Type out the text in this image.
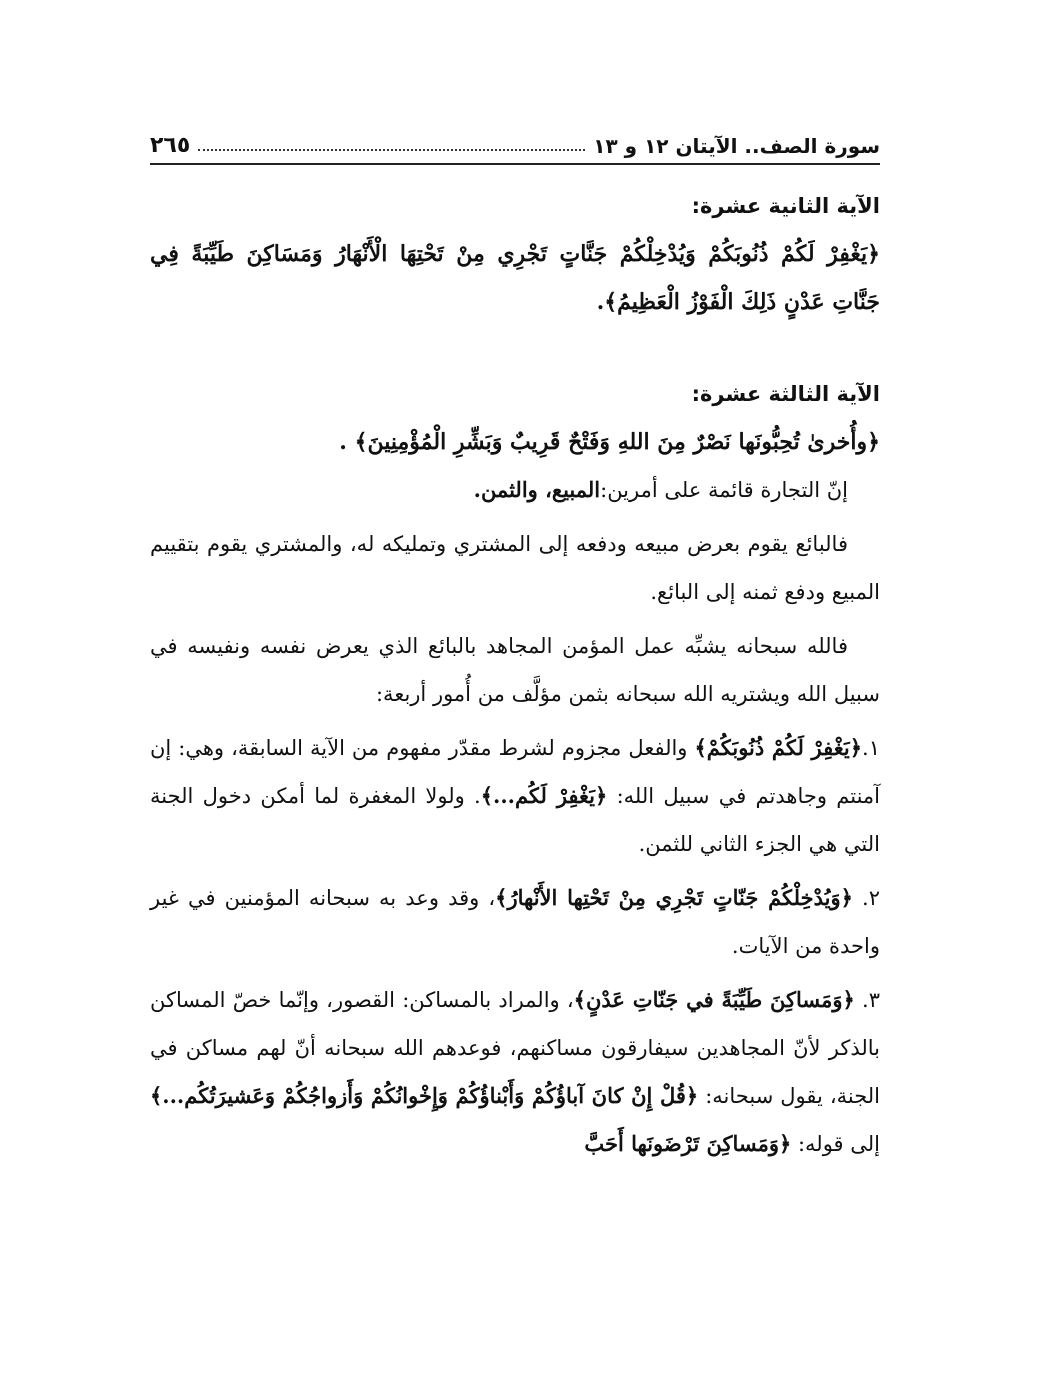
سورة الصف.. الآيتان ١٢ و ١٣
٢٦٥

الآية الثانية عشرة:

﴿يَغْفِرْ لَكُمْ ذُنُوبَكُمْ وَيُدْخِلْكُمْ جَنَّاتٍ تَجْرِي مِنْ تَحْتِهَا الْأَنْهَارُ وَمَسَاكِنَ طَيِّبَةً فِي جَنَّاتِ عَدْنٍ ذَلِكَ الْفَوْزُ الْعَظِيمُ﴾.

الآية الثالثة عشرة:

﴿وأُخرىٰ تُحِبُّونَها نَصْرٌ مِنَ اللهِ وَفَتْحٌ قَرِيبٌ وَبَشِّرِ الْمُؤْمِنِينَ﴾ .

إنّ التجارة قائمة على أمرين:المبيع، والثمن.

فالبائع يقوم بعرض مبيعه ودفعه إلى المشتري وتمليكه له، والمشتري يقوم بتقييم المبيع ودفع ثمنه إلى البائع.

فالله سبحانه يشبِّه عمل المؤمن المجاهد بالبائع الذي يعرض نفسه ونفيسه في سبيل الله ويشتريه الله سبحانه بثمن مؤلَّف من أُمور أربعة:

١.﴿يَغْفِرْ لَكُمْ ذُنُوبَكُمْ﴾ والفعل مجزوم لشرط مقدّر مفهوم من الآية السابقة، وهي: إن آمنتم وجاهدتم في سبيل الله: ﴿يَغْفِرْ لَكُم...﴾. ولولا المغفرة لما أمكن دخول الجنة التي هي الجزء الثاني للثمن.

٢. ﴿وَيُدْخِلْكُمْ جَنّاتٍ تَجْرِي مِنْ تَحْتِها الأَنْهارُ﴾، وقد وعد به سبحانه المؤمنين في غير واحدة من الآيات.

٣. ﴿وَمَساكِنَ طَيِّبَةً في جَنّاتِ عَدْنٍ﴾، والمراد بالمساكن: القصور، وإنّما خصّ المساكن بالذكر لأنّ المجاهدين سيفارقون مساكنهم، فوعدهم الله سبحانه أنّ لهم مساكن في الجنة، يقول سبحانه: ﴿قُلْ إِنْ كانَ آباؤُكُمْ وَأَبْناؤُكُمْ وَإِخْوانُكُمْ وَأَزواجُكُمْ وَعَشيرَتُكُم...﴾ إلى قوله: ﴿وَمَساكِنَ تَرْضَونَها أَحَبَّ
